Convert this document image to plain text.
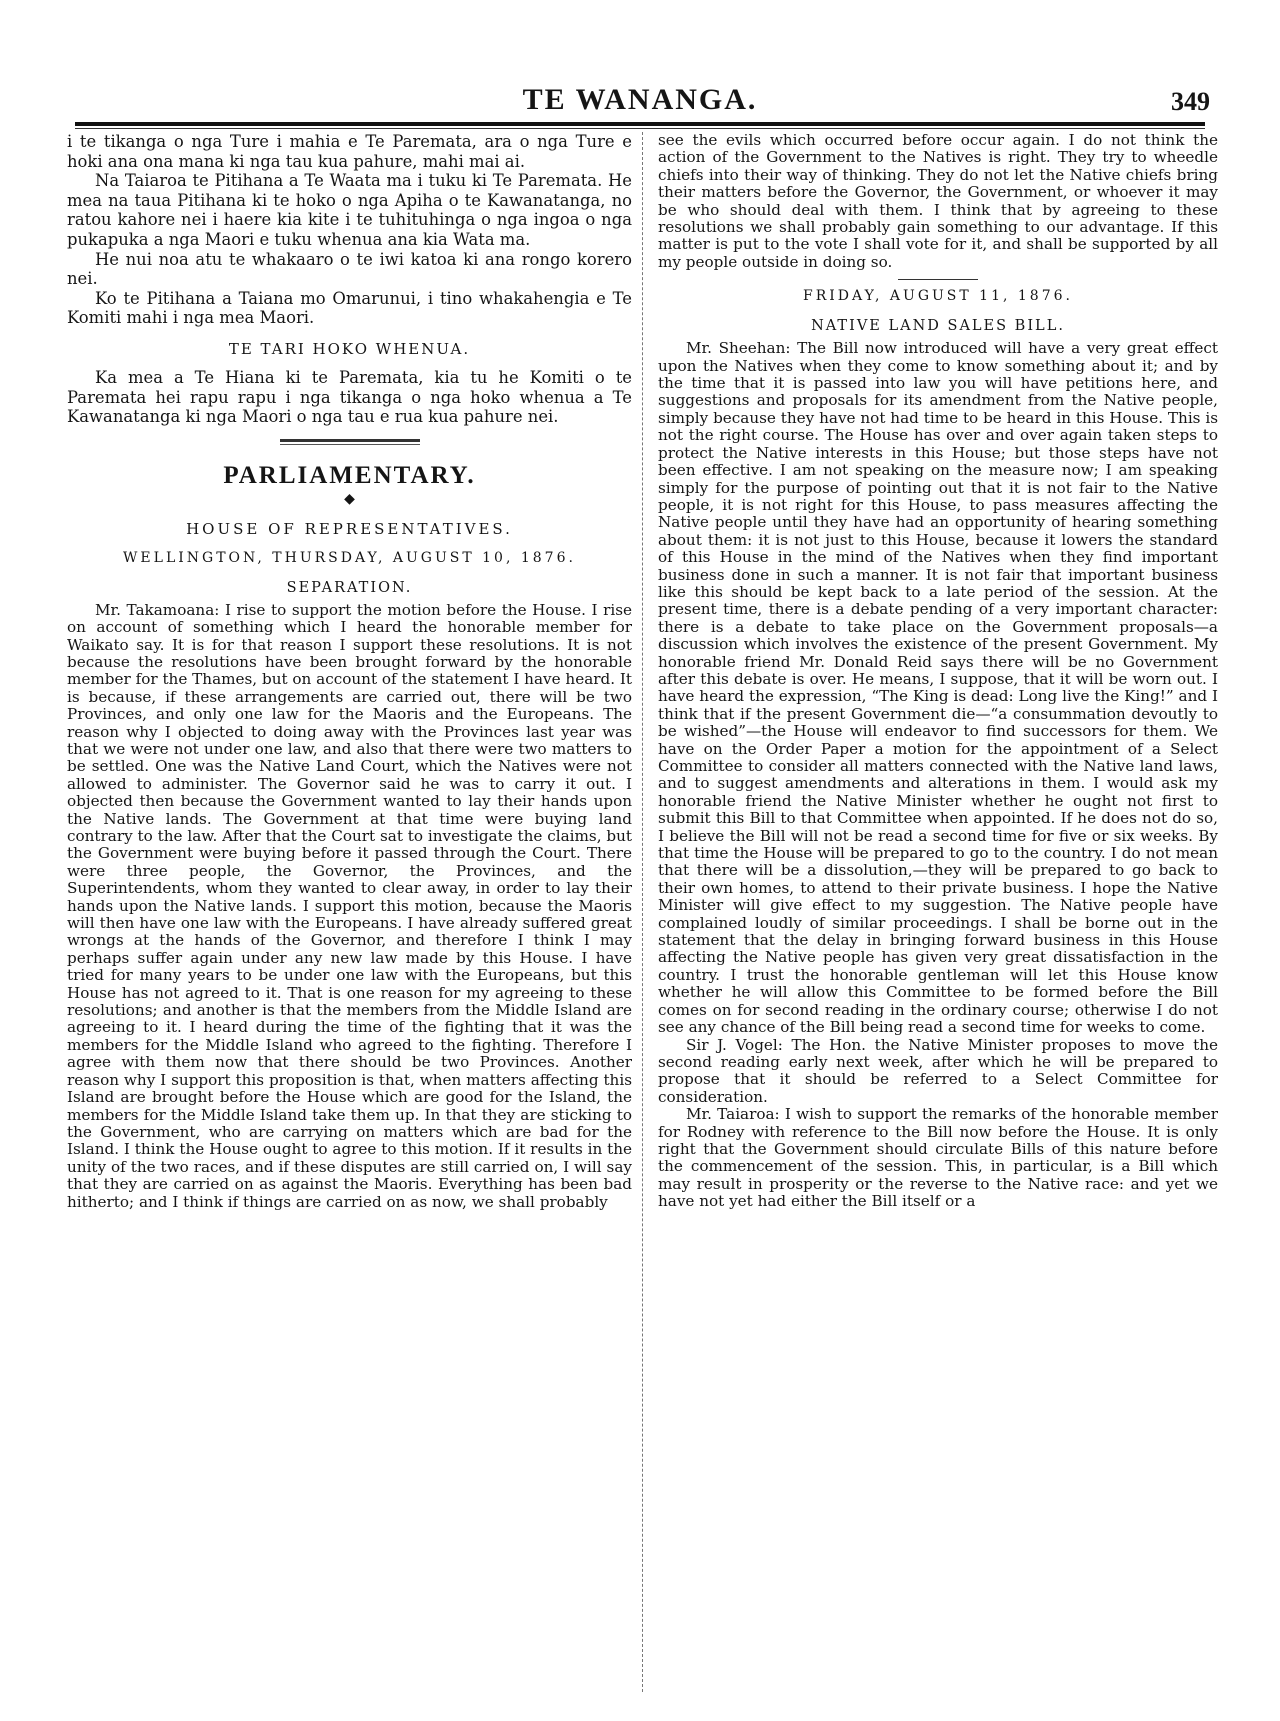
TE WANANGA.	349

i te tikanga o nga Ture i mahia e Te Paremata, ara o nga Ture e hoki ana ona mana ki nga tau kua pahure, mahi mai ai.

Na Taiaroa te Pitihana a Te Waata ma i tuku ki Te Paremata. He mea na taua Pitihana ki te hoko o nga Apiha o te Kawanatanga, no ratou kahore nei i haere kia kite i te tuhituhinga o nga ingoa o nga pukapuka a nga Maori e tuku whenua ana kia Wata ma.

He nui noa atu te whakaaro o te iwi katoa ki ana rongo korero nei.

Ko te Pitihana a Taiana mo Omarunui, i tino whakahengia e Te Komiti mahi i nga mea Maori.

TE TARI HOKO WHENUA.

Ka mea a Te Hiana ki te Paremata, kia tu he Komiti o te Paremata hei rapu rapu i nga tikanga o nga hoko whenua a Te Kawanatanga ki nga Maori o nga tau e rua kua pahure nei.

PARLIAMENTARY.
◆
HOUSE OF REPRESENTATIVES.
WELLINGTON, THURSDAY, AUGUST 10, 1876.
SEPARATION.

Mr. Takamoana: I rise to support the motion before the House. I rise on account of something which I heard the honorable member for Waikato say. It is for that reason I support these resolutions. It is not because the resolutions have been brought forward by the honorable member for the Thames, but on account of the statement I have heard. It is because, if these arrangements are carried out, there will be two Provinces, and only one law for the Maoris and the Europeans. The reason why I objected to doing away with the Provinces last year was that we were not under one law, and also that there were two matters to be settled. One was the Native Land Court, which the Natives were not allowed to administer. The Governor said he was to carry it out. I objected then because the Government wanted to lay their hands upon the Native lands. The Government at that time were buying land contrary to the law. After that the Court sat to investigate the claims, but the Government were buying before it passed through the Court. There were three people, the Governor, the Provinces, and the Superintendents, whom they wanted to clear away, in order to lay their hands upon the Native lands. I support this motion, because the Maoris will then have one law with the Europeans. I have already suffered great wrongs at the hands of the Governor, and therefore I think I may perhaps suffer again under any new law made by this House. I have tried for many years to be under one law with the Europeans, but this House has not agreed to it. That is one reason for my agreeing to these resolutions; and another is that the members from the Middle Island are agreeing to it. I heard during the time of the fighting that it was the members for the Middle Island who agreed to the fighting. Therefore I agree with them now that there should be two Provinces. Another reason why I support this proposition is that, when matters affecting this Island are brought before the House which are good for the Island, the members for the Middle Island take them up. In that they are sticking to the Government, who are carrying on matters which are bad for the Island. I think the House ought to agree to this motion. If it results in the unity of the two races, and if these disputes are still carried on, I will say that they are carried on as against the Maoris. Everything has been bad hitherto; and I think if things are carried on as now, we shall probably

see the evils which occurred before occur again. I do not think the action of the Government to the Natives is right. They try to wheedle chiefs into their way of thinking. They do not let the Native chiefs bring their matters before the Governor, the Government, or whoever it may be who should deal with them. I think that by agreeing to these resolutions we shall probably gain something to our advantage. If this matter is put to the vote I shall vote for it, and shall be supported by all my people outside in doing so.

FRIDAY, AUGUST 11, 1876.
NATIVE LAND SALES BILL.

Mr. Sheehan: The Bill now introduced will have a very great effect upon the Natives when they come to know something about it; and by the time that it is passed into law you will have petitions here, and suggestions and proposals for its amendment from the Native people, simply because they have not had time to be heard in this House. This is not the right course. The House has over and over again taken steps to protect the Native interests in this House; but those steps have not been effective. I am not speaking on the measure now; I am speaking simply for the purpose of pointing out that it is not fair to the Native people, it is not right for this House, to pass measures affecting the Native people until they have had an opportunity of hearing something about them: it is not just to this House, because it lowers the standard of this House in the mind of the Natives when they find important business done in such a manner. It is not fair that important business like this should be kept back to a late period of the session. At the present time, there is a debate pending of a very important character: there is a debate to take place on the Government proposals—a discussion which involves the existence of the present Government. My honorable friend Mr. Donald Reid says there will be no Government after this debate is over. He means, I suppose, that it will be worn out. I have heard the expression, “The King is dead: Long live the King!” and I think that if the present Government die—“a consummation devoutly to be wished”—the House will endeavor to find successors for them. We have on the Order Paper a motion for the appointment of a Select Committee to consider all matters connected with the Native land laws, and to suggest amendments and alterations in them. I would ask my honorable friend the Native Minister whether he ought not first to submit this Bill to that Committee when appointed. If he does not do so, I believe the Bill will not be read a second time for five or six weeks. By that time the House will be prepared to go to the country. I do not mean that there will be a dissolution,—they will be prepared to go back to their own homes, to attend to their private business. I hope the Native Minister will give effect to my suggestion. The Native people have complained loudly of similar proceedings. I shall be borne out in the statement that the delay in bringing forward business in this House affecting the Native people has given very great dissatisfaction in the country. I trust the honorable gentleman will let this House know whether he will allow this Committee to be formed before the Bill comes on for second reading in the ordinary course; otherwise I do not see any chance of the Bill being read a second time for weeks to come.

Sir J. Vogel: The Hon. the Native Minister proposes to move the second reading early next week, after which he will be prepared to propose that it should be referred to a Select Committee for consideration.

Mr. Taiaroa: I wish to support the remarks of the honorable member for Rodney with reference to the Bill now before the House. It is only right that the Government should circulate Bills of this nature before the commencement of the session. This, in particular, is a Bill which may result in prosperity or the reverse to the Native race: and yet we have not yet had either the Bill itself or a
